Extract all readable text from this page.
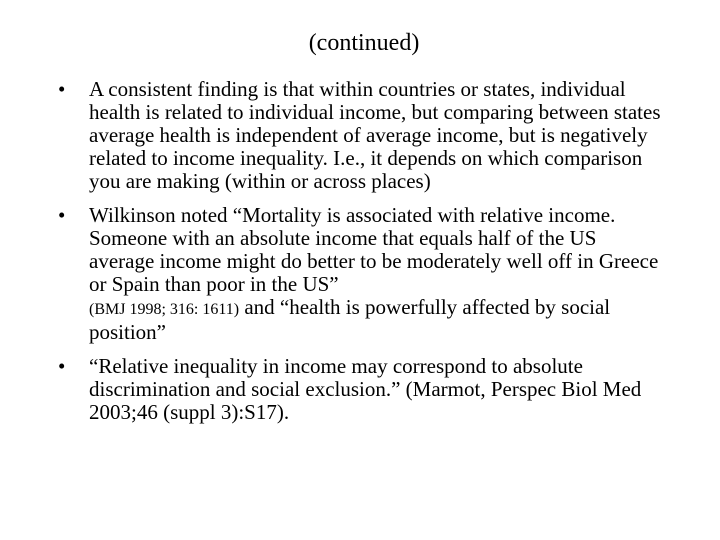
(continued)
• A consistent finding is that within countries or states, individual health is related to individual income, but comparing between states average health is independent of average income, but is negatively related to income inequality. I.e., it depends on which comparison you are making (within or across places)
• Wilkinson noted “Mortality is associated with relative income. Someone with an absolute income that equals half of the US average income might do better to be moderately well off in Greece or Spain than poor in the US”
(BMJ 1998; 316: 1611) and “health is powerfully affected by social position”
• “Relative inequality in income may correspond to absolute discrimination and social exclusion.” (Marmot, Perspec Biol Med 2003;46 (suppl 3):S17).
